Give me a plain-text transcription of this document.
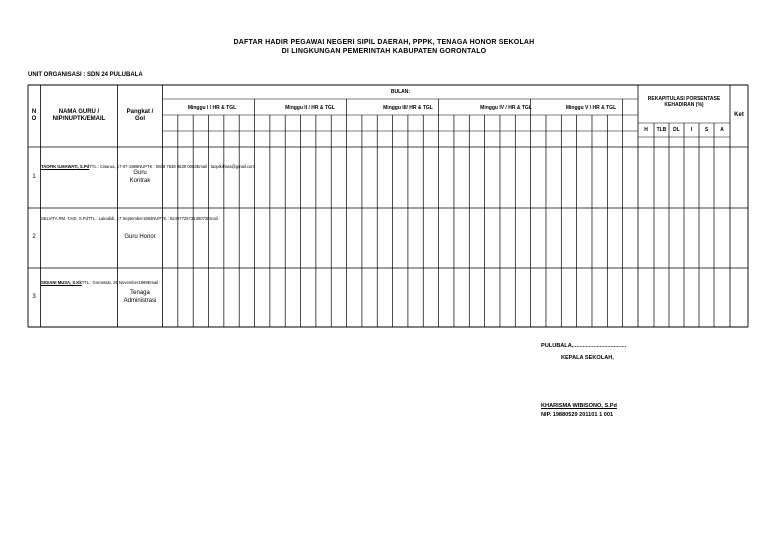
DAFTAR HADIR PEGAWAI NEGERI SIPIL DAERAH, PPPK, TENAGA HONOR SEKOLAH
DI LINGKUNGAN PEMERINTAH KABUPATEN GORONTALO
UNIT ORGANISASI : SDN 24 PULUBALA
N
O
NAMA GURU /
NIP/NUPTK/EMAIL
Pangkat /
Gol
BULAN:
Minggu I / HR & TGL	Minggu II / HR & TGL	Minggu III/ HR & TGL	Minggu IV / HR & TGL	Minggu V / HR & TGL
REKAPITULASI PORSENTASE
KEHADIRAN (%)
H	TLB	DL	I	S	A
Ket
1
TAOFIK ILMAWATI, S.Pd TTL : Cisarua, 17-07-1985 NUPTK : 0849 7638 6530 0063 Email : taopikilmas@gmail.com
Guru
Kontrak
2
SELVITA RM. TAID, S.Pd TTL : Lakodidi, 17 September 1994 NUPTK : 8249772673130073 Email :
Guru Honor
3
SIGIANI MUSA, S.Kk TTL : Gorontalo, 25 November 1999 Email :
Tenaga
Administrasi
PULUBALA,..................................
KEPALA SEKOLAH,
KHARISMA WIBISONO, S.Pd
NIP. 19880529 201101 1 001
